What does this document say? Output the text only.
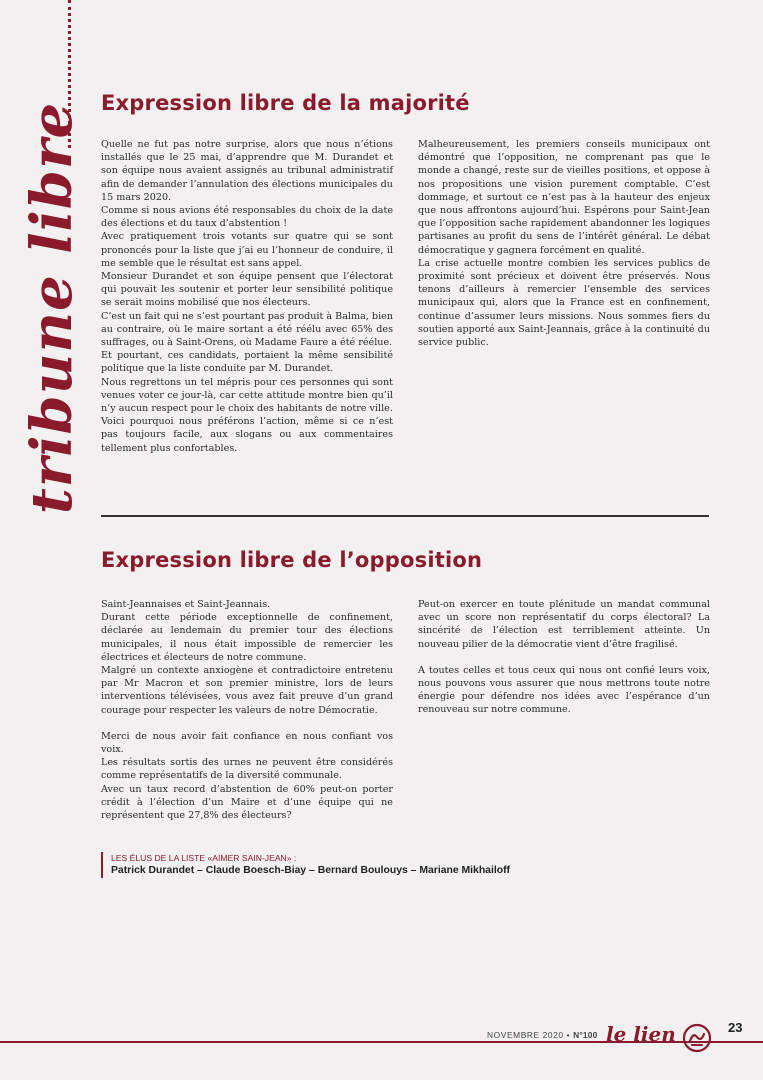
tribune libre Expression libre de la majorité

Quelle ne fut pas notre surprise, alors que nous n’étions installés que le 25 mai, d’apprendre que M. Durandet et son équipe nous avaient assignés au tribunal administratif afin de demander l’annulation des élections municipales du 15 mars 2020.

Comme si nous avions été responsables du choix de la date des élections et du taux d’abstention !

Avec pratiquement trois votants sur quatre qui se sont prononcés pour la liste que j’ai eu l’honneur de conduire, il me semble que le résultat est sans appel.

Monsieur Durandet et son équipe pensent que l’électorat qui pouvait les soutenir et porter leur sensibilité politique se serait moins mobilisé que nos électeurs.

C’est un fait qui ne s’est pourtant pas produit à Balma, bien au contraire, où le maire sortant a été réélu avec 65% des suffrages, ou à Saint-Orens, où Madame Faure a été réélue.

Et pourtant, ces candidats, portaient la même sensibilité politique que la liste conduite par M. Durandet.

Nous regrettons un tel mépris pour ces personnes qui sont venues voter ce jour-là, car cette attitude montre bien qu’il n’y aucun respect pour le choix des habitants de notre ville.

Voici pourquoi nous préférons l’action, même si ce n’est pas toujours facile, aux slogans ou aux commentaires tellement plus confortables.

Malheureusement, les premiers conseils municipaux ont démontré que l’opposition, ne comprenant pas que le monde a changé, reste sur de vieilles positions, et oppose à nos propositions une vision purement comptable. C’est dommage, et surtout ce n’est pas à la hauteur des enjeux que nous affrontons aujourd’hui. Espérons pour Saint-Jean que l’opposition sache rapidement abandonner les logiques partisanes au profit du sens de l’intérêt général. Le débat démocratique y gagnera forcément en qualité.

La crise actuelle montre combien les services publics de proximité sont précieux et doivent être préservés. Nous tenons d’ailleurs à remercier l’ensemble des services municipaux qui, alors que la France est en confinement, continue d’assumer leurs missions. Nous sommes fiers du soutien apporté aux Saint-Jeannais, grâce à la continuité du service public.

Expression libre de l’opposition

Saint-Jeannaises et Saint-Jeannais.

Durant cette période exceptionnelle de confinement, déclarée au lendemain du premier tour des élections municipales, il nous était impossible de remercier les électrices et électeurs de notre commune.

Malgré un contexte anxiogène et contradictoire entretenu par Mr Macron et son premier ministre, lors de leurs interventions télévisées, vous avez fait preuve d’un grand courage pour respecter les valeurs de notre Démocratie.

Merci de nous avoir fait confiance en nous confiant vos voix.

Les résultats sortis des urnes ne peuvent être considérés comme représentatifs de la diversité communale.

Avec un taux record d’abstention de 60% peut-on porter crédit à l’élection d’un Maire et d’une équipe qui ne représentent que 27,8% des électeurs?

Peut-on exercer en toute plénitude un mandat communal avec un score non représentatif du corps électoral? La sincérité de l’élection est terriblement atteinte. Un nouveau pilier de la démocratie vient d’être fragilisé.

A toutes celles et tous ceux qui nous ont confié leurs voix, nous pouvons vous assurer que nous mettrons toute notre énergie pour défendre nos idées avec l’espérance d’un renouveau sur notre commune.

LES ÉLUS DE LA LISTE «AIMER SAIN-JEAN» :
Patrick Durandet – Claude Boesch-Biay – Bernard Boulouys – Mariane Mikhailoff
NOVEMBRE 2020 • N°100 le lien	23
